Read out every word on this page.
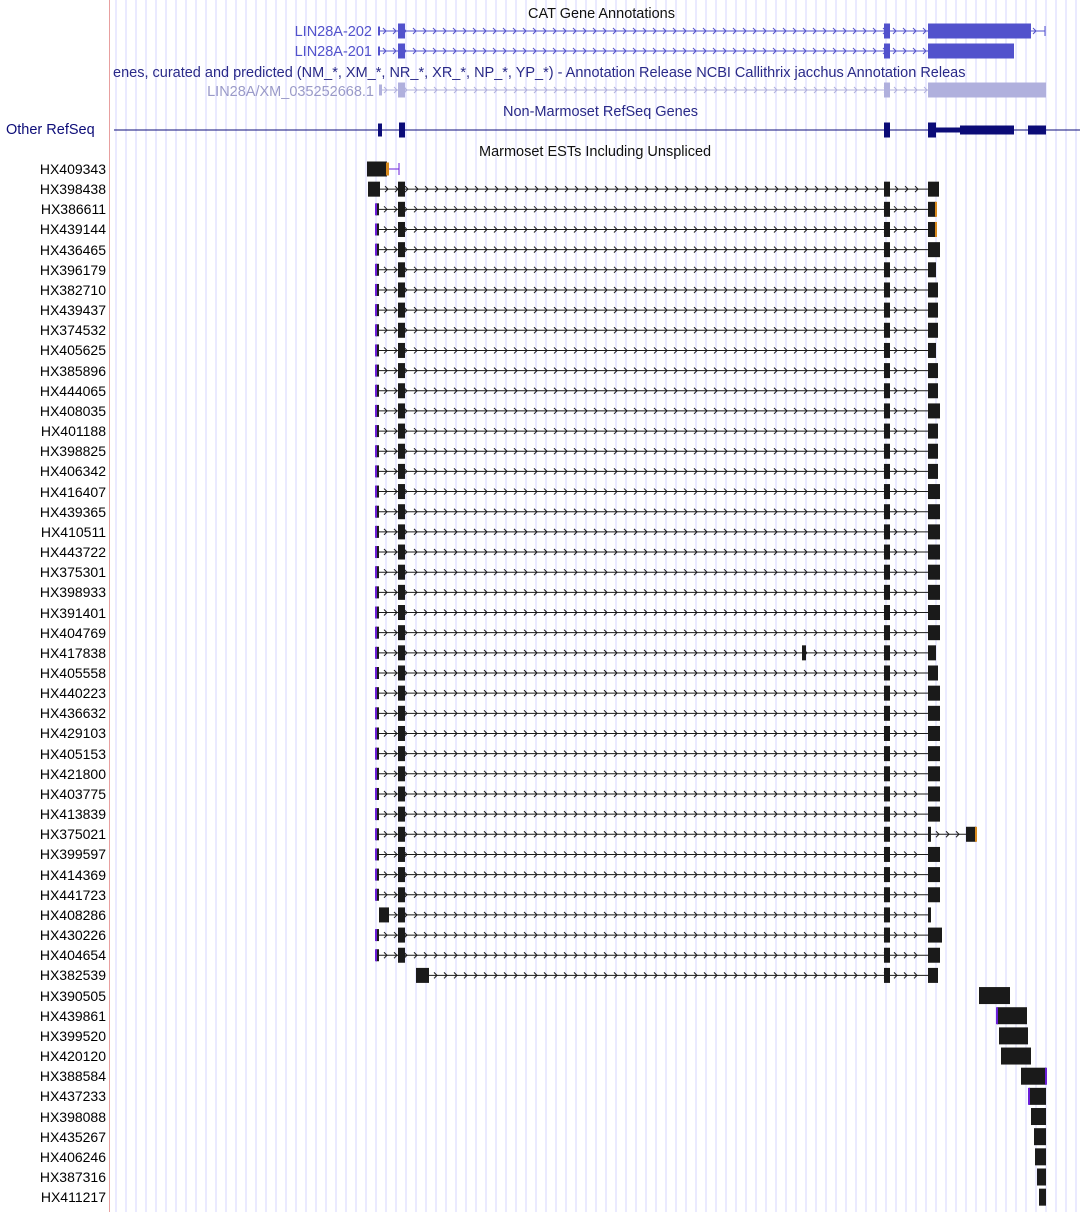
HX409343
HX398438
HX386611
HX439144
HX436465
HX396179
HX382710
HX439437
HX374532
HX405625
HX385896
HX444065
HX408035
HX401188
HX398825
HX406342
HX416407
HX439365
HX410511
HX443722
HX375301
HX398933
HX391401
HX404769
HX417838
HX405558
HX440223
HX436632
HX429103
HX405153
HX421800
HX403775
HX413839
HX375021
HX399597
HX414369
HX441723
HX408286
HX430226
HX404654
HX382539
HX390505
HX439861
HX399520
HX420120
HX388584
HX437233
HX398088
HX435267
HX406246
HX387316
HX411217
CAT Gene Annotations
enes, curated and predicted (NM_*, XM_*, NR_*, XR_*, NP_*, YP_*) - Annotation Release NCBI Callithrix jacchus Annotation Releas
Non-Marmoset RefSeq Genes
Marmoset ESTs Including Unspliced
LIN28A-202
LIN28A-201
LIN28A/XM_035252668.1
Other RefSeq
